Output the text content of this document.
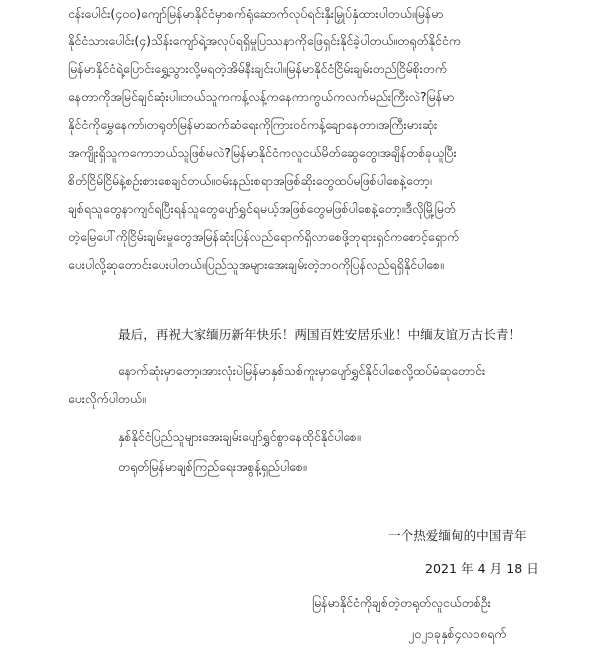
ငန်းပေါင်း(၄၀၀)ကျော်မြန်မာနိုင်ငံမှာစက်ရုံဆောက်လုပ်ရင်းနှီးမြှုပ်နှံထားပါတယ်။မြန်မာ
နိုင်ငံသားပေါင်း(၄)သိန်းကျော်ရဲ့အလုပ်ရရှိမှုပြဿနာကိုဖြေရှင်းနိုင်ခဲ့ပါတယ်။တရုတ်နိုင်ငံက
မြန်မာနိုင်ငံရဲ့ပြောင်းရွှေ့သွားလို့မရတဲ့အိမ်နီးချင်းပါ။မြန်မာနိုင်ငံငြိမ်းချမ်းတည်ငြိမ်စိုးတက်
နေတာကိုအမြင်ချင်ဆုံးပါ။ဘယ်သူကကန့်လန့်ကနေကာကွယ်ကလက်မည်းကြီးလဲ?မြန်မာ
နိုင်ငံကိုမွှေနေကာ်၊တရုတ်မြန်မာဆက်ဆံရေးကိုကြားဝင်ကန့်ချောနေတာ၊အကြီးမားဆုံး
အကျိုးရှိသူကကောဘယ်သူဖြစ်မလဲ?မြန်မာနိုင်ငံကလူငယ်မိတ်ဆွေတွေ၊အချိန်တစ်ခုယူပြီး
စိတ်ငြိမ်ငြိမ်နဲ့စဉ်းစားစေချင်တယ်။ဝမ်းနည်းစရာအဖြစ်ဆိုးတွေထပ်မဖြစ်ပါစေနဲ့တော့၊
ချစ်ရသူတွေနာကျင်ရပြီးရန်သူတွေပျော်ရွှင်ရမယ့်အဖြစ်တွေမဖြစ်ပါစေနဲ့တော့။ဒီလိုမြို့မြတ်
တဲ့မြေပေါ်ကိုငြိမ်းချမ်းမှုတွေအမြန်ဆုံးပြန်လည်ရောက်ရှိလာစေဖို့ဘုရားရှင်ကစောင့်ရှောက်
ပေးပါလို့ဆုတောင်းပေးပါတယ်။ပြည်သူအများအေးချမ်းတဲ့ဘဝကိုပြန်လည်ရရှိနိုင်ပါစေ။
最后，再祝大家缅历新年快乐！两国百姓安居乐业！中缅友谊万古长青！
နောက်ဆုံးမှာတော့၊အားလုံးပဲမြန်မာနှစ်သစ်ကူးမှာပျော်ရွှင်နိုင်ပါစေလို့ထပ်မံဆုတောင်း
ပေးလိုက်ပါတယ်။
နှစ်နိုင်ငံပြည်သူများအေးချမ်းပျော်ရွှင်စွာနေထိုင်နိုင်ပါစေ။
တရုတ်မြန်မာချစ်ကြည်ရေးအစွန့်ရှည်ပါစေ။
一个热爱缅甸的中国青年
2021 年 4 月 18 日
မြန်မာနိုင်ငံကိုချစ်တဲ့တရုတ်လူငယ်တစ်ဦး
၂၀၂၁ခုနှစ်၄လ၁၈ရက်
